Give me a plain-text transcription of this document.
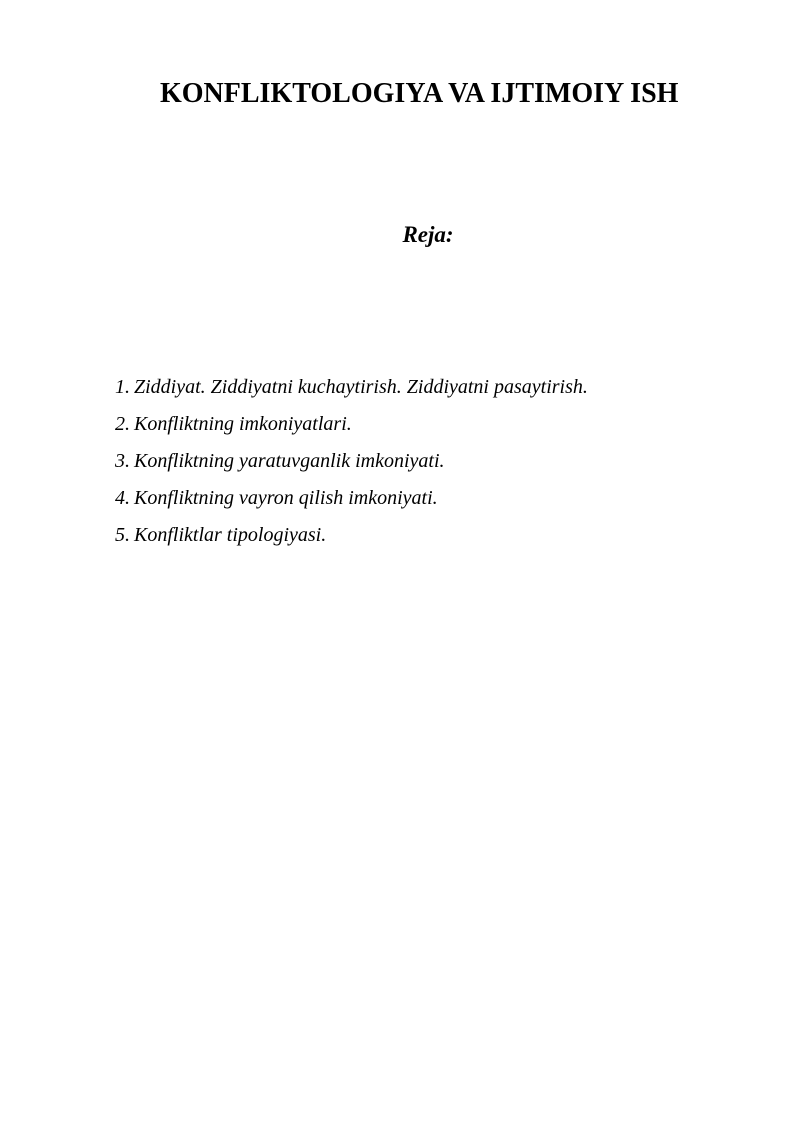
KONFLIKTOLOGIYA VA IJTIMOIY ISH
Reja:
1. Ziddiyat. Ziddiyatni kuchaytirish. Ziddiyatni pasaytirish.
2. Konfliktning imkoniyatlari.
3. Konfliktning yaratuvganlik imkoniyati.
4. Konfliktning vayron qilish imkoniyati.
5. Konfliktlar tipologiyasi.
